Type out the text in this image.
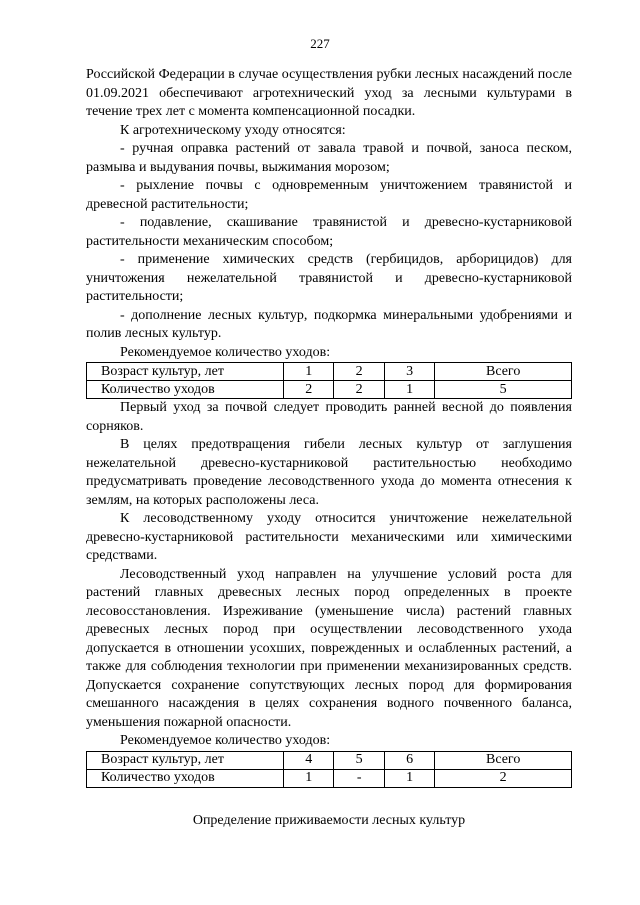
227

Российской Федерации в случае осуществления рубки лесных насаждений после 01.09.2021 обеспечивают агротехнический уход за лесными культурами в течение трех лет с момента компенсационной посадки.

К агротехническому уходу относятся:

- ручная оправка растений от завала травой и почвой, заноса песком, размыва и выдувания почвы, выжимания морозом;

- рыхление почвы с одновременным уничтожением травянистой и древесной растительности;

- подавление, скашивание травянистой и древесно-кустарниковой растительности механическим способом;

- применение химических средств (гербицидов, арборицидов) для уничтожения нежелательной травянистой и древесно-кустарниковой растительности;

- дополнение лесных культур, подкормка минеральными удобрениями и полив лесных культур.

Рекомендуемое количество уходов:

Возраст культур, лет	1	2	3	Всего
Количество уходов	2	2	1	5

Первый уход за почвой следует проводить ранней весной до появления сорняков.

В целях предотвращения гибели лесных культур от заглушения нежелательной древесно-кустарниковой растительностью необходимо предусматривать проведение лесоводственного ухода до момента отнесения к землям, на которых расположены леса.

К лесоводственному уходу относится уничтожение нежелательной древесно-кустарниковой растительности механическими или химическими средствами.

Лесоводственный уход направлен на улучшение условий роста для растений главных древесных лесных пород определенных в проекте лесовосстановления. Изреживание (уменьшение числа) растений главных древесных лесных пород при осуществлении лесоводственного ухода допускается в отношении усохших, поврежденных и ослабленных растений, а также для соблюдения технологии при применении механизированных средств. Допускается сохранение сопутствующих лесных пород для формирования смешанного насаждения в целях сохранения водного почвенного баланса, уменьшения пожарной опасности.

Рекомендуемое количество уходов:

Возраст культур, лет	4	5	6	Всего
Количество уходов	1	-	1	2

Определение приживаемости лесных культур
